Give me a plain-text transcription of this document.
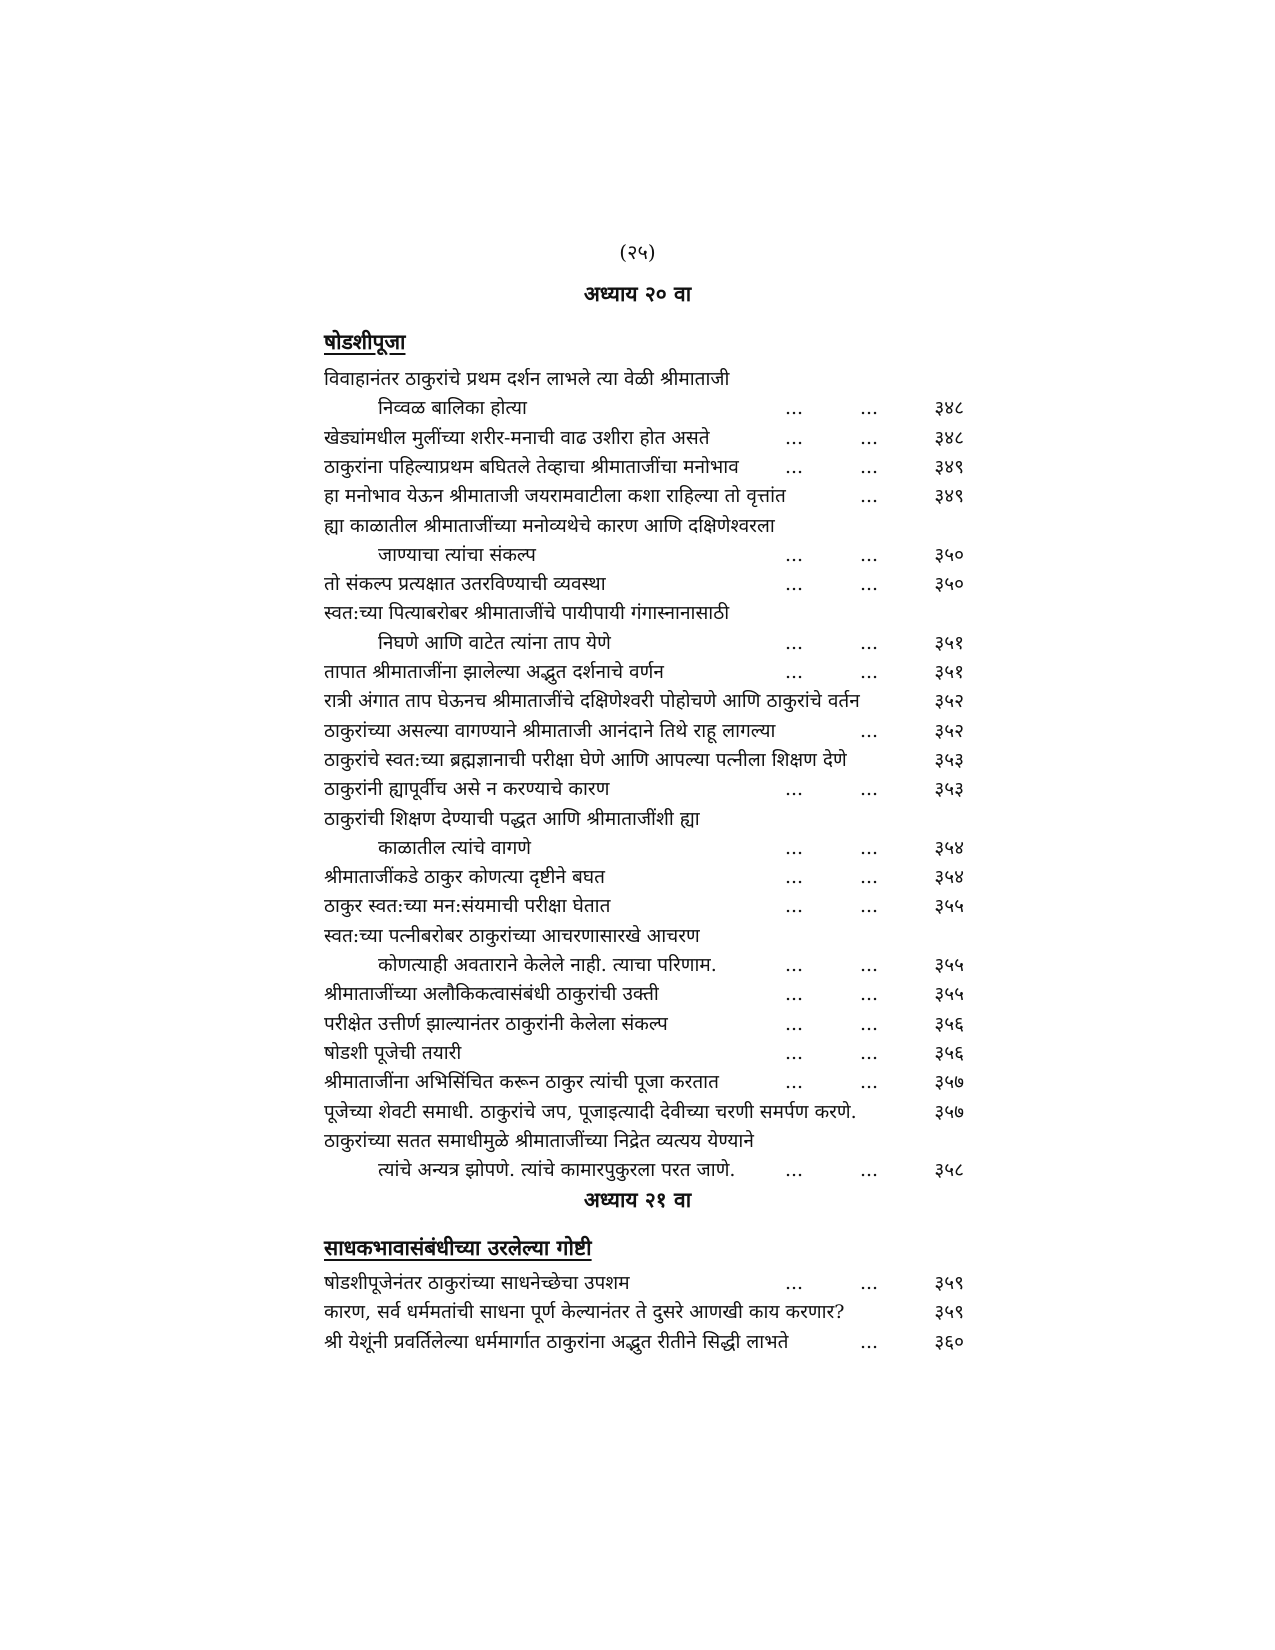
(२५)
अध्याय २० वा
षोडशीपूजा
विवाहानंतर ठाकुरांचे प्रथम दर्शन लाभले त्या वेळी श्रीमाताजी
निव्वळ बालिका होत्या	...	...	३४८
खेड्यांमधील मुलींच्या शरीर-मनाची वाढ उशीरा होत असते	...	...	३४८
ठाकुरांना पहिल्याप्रथम बघितले तेव्हाचा श्रीमाताजींचा मनोभाव	...	...	३४९
हा मनोभाव येऊन श्रीमाताजी जयरामवाटीला कशा राहिल्या तो वृत्तांत	...	३४९
ह्या काळातील श्रीमाताजींच्या मनोव्यथेचे कारण आणि दक्षिणेश्वरला
जाण्याचा त्यांचा संकल्प	...	...	३५०
तो संकल्प प्रत्यक्षात उतरविण्याची व्यवस्था	...	...	३५०
स्वत:च्या पित्याबरोबर श्रीमाताजींचे पायीपायी गंगास्नानासाठी
निघणे आणि वाटेत त्यांना ताप येणे	...	...	३५१
तापात श्रीमाताजींना झालेल्या अद्भुत दर्शनाचे वर्णन	...	...	३५१
रात्री अंगात ताप घेऊनच श्रीमाताजींचे दक्षिणेश्वरी पोहोचणे आणि ठाकुरांचे वर्तन	३५२
ठाकुरांच्या असल्या वागण्याने श्रीमाताजी आनंदाने तिथे राहू लागल्या	...	३५२
ठाकुरांचे स्वत:च्या ब्रह्मज्ञानाची परीक्षा घेणे आणि आपल्या पत्नीला शिक्षण देणे	३५३
ठाकुरांनी ह्यापूर्वीच असे न करण्याचे कारण	...	...	३५३
ठाकुरांची शिक्षण देण्याची पद्धत आणि श्रीमाताजींशी ह्या
काळातील त्यांचे वागणे	...	...	३५४
श्रीमाताजींकडे ठाकुर कोणत्या दृष्टीने बघत	...	...	३५४
ठाकुर स्वत:च्या मन:संयमाची परीक्षा घेतात	...	...	३५५
स्वत:च्या पत्नीबरोबर ठाकुरांच्या आचरणासारखे आचरण
कोणत्याही अवताराने केलेले नाही. त्याचा परिणाम.	...	...	३५५
श्रीमाताजींच्या अलौकिकत्वासंबंधी ठाकुरांची उक्ती	...	...	३५५
परीक्षेत उत्तीर्ण झाल्यानंतर ठाकुरांनी केलेला संकल्प	...	...	३५६
षोडशी पूजेची तयारी	...	...	३५६
श्रीमाताजींना अभिसिंचित करून ठाकुर त्यांची पूजा करतात	...	...	३५७
पूजेच्या शेवटी समाधी. ठाकुरांचे जप, पूजाइत्यादी देवीच्या चरणी समर्पण करणे.	३५७
ठाकुरांच्या सतत समाधीमुळे श्रीमाताजींच्या निद्रेत व्यत्यय येण्याने
त्यांचे अन्यत्र झोपणे. त्यांचे कामारपुकुरला परत जाणे.	...	...	३५८
अध्याय २१ वा
साधकभावासंबंधीच्या उरलेल्या गोष्टी
षोडशीपूजेनंतर ठाकुरांच्या साधनेच्छेचा उपशम	...	...	३५९
कारण, सर्व धर्ममतांची साधना पूर्ण केल्यानंतर ते दुसरे आणखी काय करणार?	३५९
श्री येशूंनी प्रवर्तिलेल्या धर्ममार्गात ठाकुरांना अद्भुत रीतीने सिद्धी लाभते	...	३६०
